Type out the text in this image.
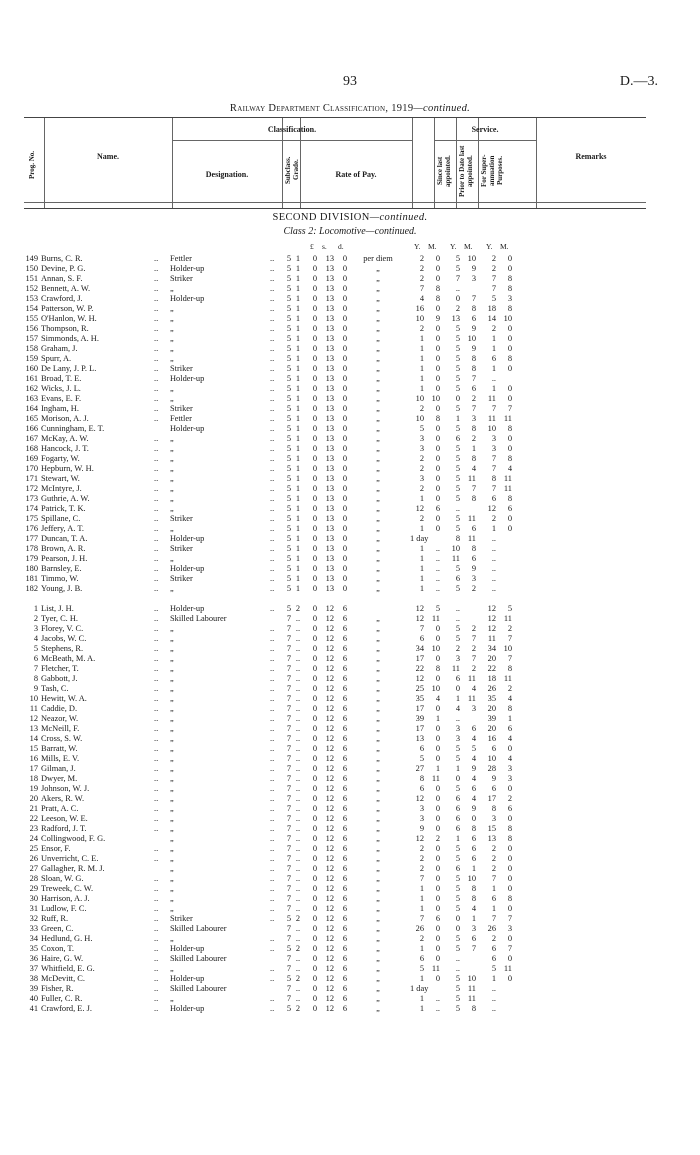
93	D.—3.
Railway Department Classification, 1919—continued.
Prog. No.	Name.
Classification.
Designation.	Subclass. Grade.	Rate of Pay.
Service.
Since last appointed. Prior to Date last appointed. For Super-annuation Purposes.
Remarks
SECOND DIVISION—continued.
Class 2: Locomotive—continued.
£ s. d.	Y. M. Y. M. Y. M.
149 Burns, C. R.	.. Fettler	..	5 1	0	13	0	per diem	2	0	5 10	2	0
150 Devine, P. G.	.. Holder-up	..	5 1	0	13	0	„	2	0	5	9	2	0
151 Annan, S. F.	.. Striker	..	5 1	0	13	0	„	2	0	7	3	7	8
152 Bennett, A. W.	.. „	..	5 1	0	13	0	„	7	8	..	7	8
153 Crawford, J.	.. Holder-up	..	5 1	0	13	0	„	4	8	0	7	5	3
154 Patterson, W. P.	.. „	..	5 1	0	13	0	„	16	0	2	8	18	8
155 O'Hanlon, W. H.	.. „	..	5 1	0	13	0	„	10	9	13	6	14 10
156 Thompson, R.	.. „	..	5 1	0	13	0	„	2	0	5	9	2	0
157 Simmonds, A. H.	.. „	..	5 1	0	13	0	„	1	0	5 10	1	0
158 Graham, J.	.. „	..	5 1	0	13	0	„	1	0	5	9	1	0
159 Spurr, A.	.. „	..	5 1	0	13	0	„	1	0	5	8	6	8
160 De Lany, J. P. L.	.. Striker	..	5 1	0	13	0	„	1	0	5	8	1	0
161 Broad, T. E.	.. Holder-up	..	5 1	0	13	0	„	1	0	5	7	..
162 Wicks, J. L.	.. „	..	5 1	0	13	0	„	1	0	5	6	1	0
163 Evans, E. F.	.. „	..	5 1	0	13	0	„	10 10	0	2	11	0
164 Ingham, H.	.. Striker	..	5 1	0	13	0	„	2	0	5	7	7	7
165 Morison, A. J.	.. Fettler	..	5 1	0	13	0	„	10	8	1	3	11 11
166 Cunningham, E. T.	Holder-up	..	5 1	0	13	0	„	5	0	5	8	10	8
167 McKay, A. W.	.. „	..	5 1	0	13	0	„	3	0	6	2	3	0
168 Hancock, J. T.	.. „	..	5 1	0	13	0	„	3	0	5	1	3	0
169 Fogarty, W.	.. „	..	5 1	0	13	0	„	2	0	5	8	7	8
170 Hepburn, W. H.	.. „	..	5 1	0	13	0	„	2	0	5	4	7	4
171 Stewart, W.	.. „	..	5 1	0	13	0	„	3	0	5 11	8 11
172 McIntyre, J.	.. „	..	5 1	0	13	0	„	2	0	5	7	7 11
173 Guthrie, A. W.	.. „	..	5 1	0	13	0	„	1	0	5	8	6	8
174 Patrick, T. K.	.. „	..	5 1	0	13	0	„	12	6	..	12	6
175 Spillane, C.	.. Striker	..	5 1	0	13	0	„	2	0	5 11	2	0
176 Jeffery, A. T.	.. „	..	5 1	0	13	0	„	1	0	5	6	1	0
177 Duncan, T. A.	.. Holder-up	..	5 1	0	13	0	„	1 day	8 11	..
178 Brown, A. R.	.. Striker	..	5 1	0	13	0	„	1	..	10	8	..
179 Pearson, J. H.	.. „	..	5 1	0	13	0	„	1	..	11	6	..
180 Barnsley, E.	.. Holder-up	..	5 1	0	13	0	„	1	..	5	9	..
181 Timmo, W.	.. Striker	..	5 1	0	13	0	„	1	..	6	3	..
182 Young, J. B.	.. „	..	5 1	0	13	0	„	1	..	5	2	..
1 List, J. H.	.. Holder-up	..	5 2	0	12	6	12	5	..	12	5
2 Tyer, C. H.	.. Skilled Labourer	7 ..	0	12	6	„	12 11	..	12 11
3 Florey, V. C.	.. „	..	7 ..	0	12	6	„	7	0	5	2	12	2
4 Jacobs, W. C.	.. „	..	7 ..	0	12	6	„	6	0	5	7	11	7
5 Stephens, R.	.. „	..	7 ..	0	12	6	„	34 10	2	2	34 10
6 McBeath, M. A.	.. „	..	7 ..	0	12	6	„	17	0	3	7	20	7
7 Fletcher, T.	.. „	..	7 ..	0	12	6	„	22	8	11	2	22	8
8 Gabbott, J.	.. „	..	7 ..	0	12	6	„	12	0	6 11	18 11
9 Tash, C.	.. „	..	7 ..	0	12	6	„	25 10	0	4	26	2
10 Hewitt, W. A.	.. „	..	7 ..	0	12	6	„	35	4	1 11	35	4
11 Caddie, D.	.. „	..	7 ..	0	12	6	„	17	0	4	3	20	8
12 Neazor, W.	.. „	..	7 ..	0	12	6	„	39	1	..	39	1
13 McNeill, F.	.. „	..	7 ..	0	12	6	„	17	0	3	6	20	6
14 Cross, S. W.	.. „	..	7 ..	0	12	6	„	13	0	3	4	16	4
15 Barratt, W.	.. „	..	7 ..	0	12	6	„	6	0	5	5	6	0
16 Mills, E. V.	.. „	..	7 ..	0	12	6	„	5	0	5	4	10	4
17 Gilman, J.	.. „	..	7 ..	0	12	6	„	27	1	1	9	28	3
18 Dwyer, M.	.. „	..	7 ..	0	12	6	„	8 11	0	4	9	3
19 Johnson, W. J.	.. „	..	7 ..	0	12	6	„	6	0	5	6	6	0
20 Akers, R. W.	.. „	..	7 ..	0	12	6	„	12	0	6	4	17	2
21 Pratt, A. C.	.. „	..	7 ..	0	12	6	„	3	0	6	9	8	6
22 Leeson, W. E.	.. „	..	7 ..	0	12	6	„	3	0	6	0	3	0
23 Radford, J. T.	.. „	..	7 ..	0	12	6	„	9	0	6	8	15	8
24 Collingwood, F. G.	„	..	7 ..	0	12	6	„	12	2	1	6	13	8
25 Ensor, F.	.. „	..	7 ..	0	12	6	„	2	0	5	6	2	0
26 Unverricht, C. E.	.. „	..	7 ..	0	12	6	„	2	0	5	6	2	0
27 Gallagher, R. M. J.	„	..	7 ..	0	12	6	„	2	0	6	1	2	0
28 Sloan, W. G.	.. „	..	7 ..	0	12	6	„	7	0	5 10	7	0
29 Treweek, C. W.	.. „	..	7 ..	0	12	6	„	1	0	5	8	1	0
30 Harrison, A. J.	.. „	..	7 ..	0	12	6	„	1	0	5	8	6	8
31 Ludlow, F. C.	.. „	..	7 ..	0	12	6	„	1	0	5	4	1	0
32 Ruff, R.	.. Striker	..	5 2	0	12	6	„	7	6	0	1	7	7
33 Green, C.	.. Skilled Labourer	7 ..	0	12	6	„	26	0	0	3	26	3
34 Hedlund, G. H.	.. „	..	7 ..	0	12	6	„	2	0	5	6	2	0
35 Coxon, T.	.. Holder-up	..	5 2	0	12	6	„	1	0	5	7	6	7
36 Haire, G. W.	.. Skilled Labourer	7 ..	0	12	6	„	6	0	..	6	0
37 Whitfield, E. G.	.. „	..	7 ..	0	12	6	„	5 11	..	5 11
38 McDevitt, C.	.. Holder-up	..	5 2	0	12	6	„	1	0	5 10	1	0
39 Fisher, R.	.. Skilled Labourer	7 ..	0	12	6	„	1 day	5 11	..
40 Fuller, C. R.	.. „	..	7 ..	0	12	6	„	1	..	5 11	..
41 Crawford, E. J.	.. Holder-up	..	5 2	0	12	6	„	1	..	5	8	..
